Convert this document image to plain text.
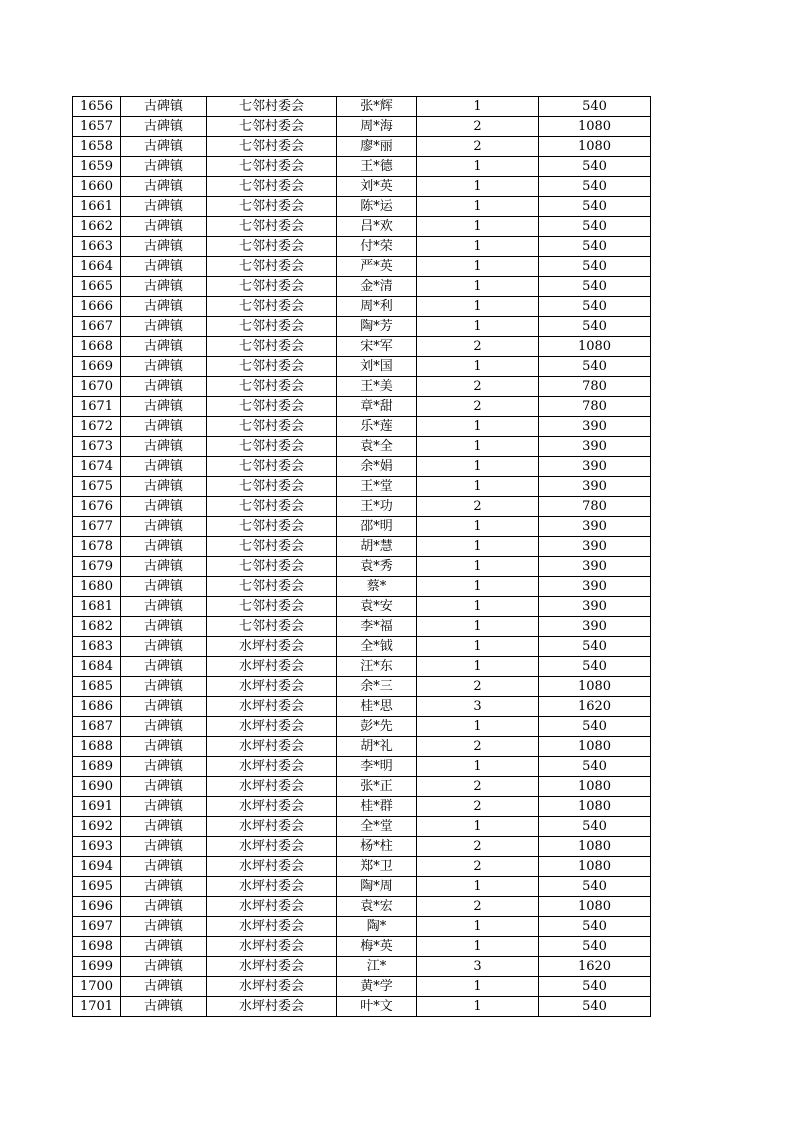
1656	古碑镇	七邻村委会	张*辉	1	540
1657	古碑镇	七邻村委会	周*海	2	1080
1658	古碑镇	七邻村委会	廖*丽	2	1080
1659	古碑镇	七邻村委会	王*德	1	540
1660	古碑镇	七邻村委会	刘*英	1	540
1661	古碑镇	七邻村委会	陈*运	1	540
1662	古碑镇	七邻村委会	吕*欢	1	540
1663	古碑镇	七邻村委会	付*荣	1	540
1664	古碑镇	七邻村委会	严*英	1	540
1665	古碑镇	七邻村委会	金*清	1	540
1666	古碑镇	七邻村委会	周*利	1	540
1667	古碑镇	七邻村委会	陶*芳	1	540
1668	古碑镇	七邻村委会	宋*军	2	1080
1669	古碑镇	七邻村委会	刘*国	1	540
1670	古碑镇	七邻村委会	王*美	2	780
1671	古碑镇	七邻村委会	章*甜	2	780
1672	古碑镇	七邻村委会	乐*莲	1	390
1673	古碑镇	七邻村委会	袁*全	1	390
1674	古碑镇	七邻村委会	余*娟	1	390
1675	古碑镇	七邻村委会	王*堂	1	390
1676	古碑镇	七邻村委会	王*功	2	780
1677	古碑镇	七邻村委会	邵*明	1	390
1678	古碑镇	七邻村委会	胡*慧	1	390
1679	古碑镇	七邻村委会	袁*秀	1	390
1680	古碑镇	七邻村委会	蔡*	1	390
1681	古碑镇	七邻村委会	袁*安	1	390
1682	古碑镇	七邻村委会	李*福	1	390
1683	古碑镇	水坪村委会	全*钺	1	540
1684	古碑镇	水坪村委会	汪*东	1	540
1685	古碑镇	水坪村委会	余*三	2	1080
1686	古碑镇	水坪村委会	桂*思	3	1620
1687	古碑镇	水坪村委会	彭*先	1	540
1688	古碑镇	水坪村委会	胡*礼	2	1080
1689	古碑镇	水坪村委会	李*明	1	540
1690	古碑镇	水坪村委会	张*正	2	1080
1691	古碑镇	水坪村委会	桂*群	2	1080
1692	古碑镇	水坪村委会	全*堂	1	540
1693	古碑镇	水坪村委会	杨*柱	2	1080
1694	古碑镇	水坪村委会	郑*卫	2	1080
1695	古碑镇	水坪村委会	陶*周	1	540
1696	古碑镇	水坪村委会	袁*宏	2	1080
1697	古碑镇	水坪村委会	陶*	1	540
1698	古碑镇	水坪村委会	梅*英	1	540
1699	古碑镇	水坪村委会	江*	3	1620
1700	古碑镇	水坪村委会	黄*学	1	540
1701	古碑镇	水坪村委会	叶*文	1	540
